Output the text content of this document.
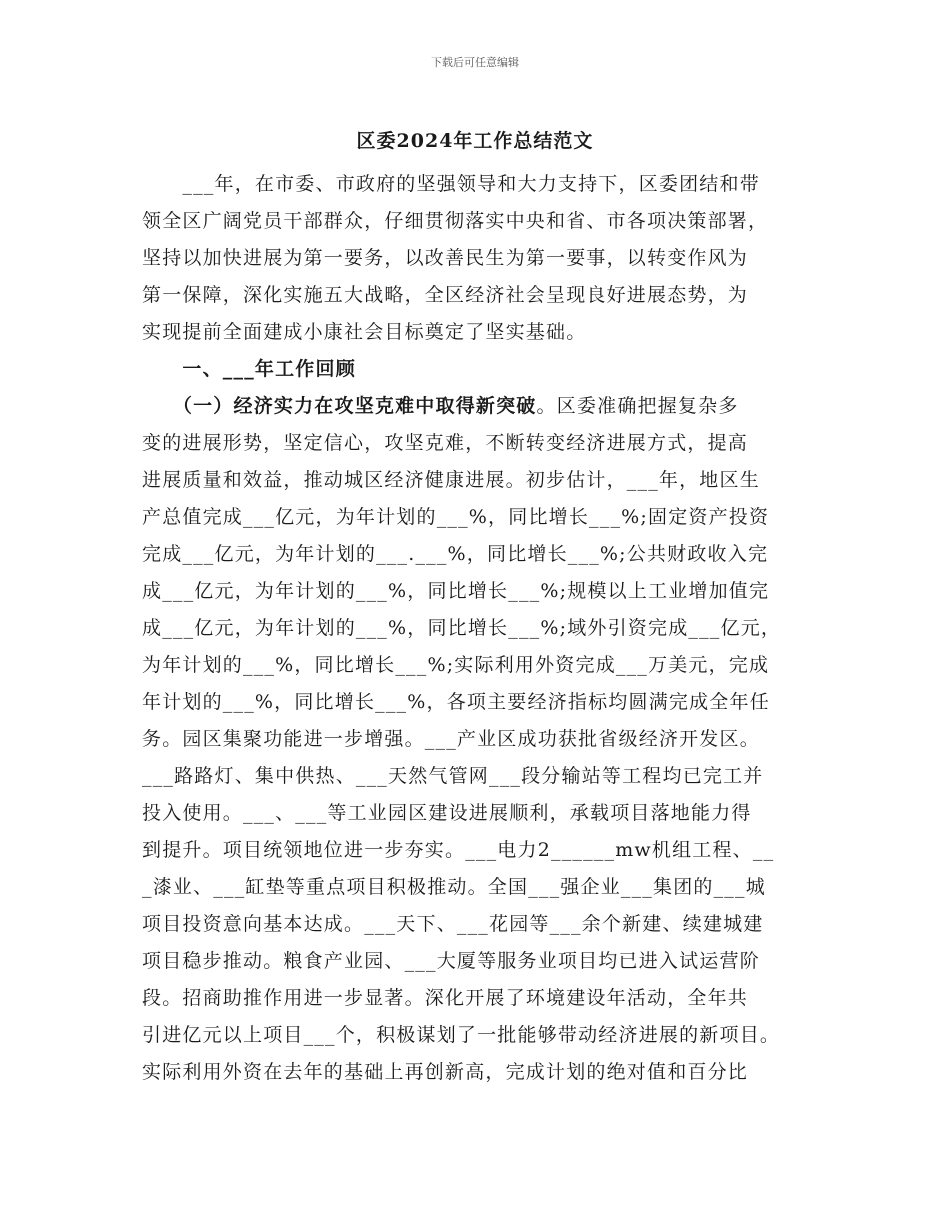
下载后可任意编辑
区委2024年工作总结范文
　　___年，在市委、市政府的坚强领导和大力支持下，区委团结和带
领全区广阔党员干部群众，仔细贯彻落实中央和省、市各项决策部署，
坚持以加快进展为第一要务，以改善民生为第一要事，以转变作风为
第一保障，深化实施五大战略，全区经济社会呈现良好进展态势，为
实现提前全面建成小康社会目标奠定了坚实基础。
　　一、___年工作回顾
　　（一）经济实力在攻坚克难中取得新突破。区委准确把握复杂多
变的进展形势，坚定信心，攻坚克难，不断转变经济进展方式，提高
进展质量和效益，推动城区经济健康进展。初步估计，___年，地区生
产总值完成___亿元，为年计划的___%，同比增长___%;固定资产投资
完成___亿元，为年计划的___.___%，同比增长___%;公共财政收入完
成___亿元，为年计划的___%，同比增长___%;规模以上工业增加值完
成___亿元，为年计划的___%，同比增长___%;域外引资完成___亿元，
为年计划的___%，同比增长___%;实际利用外资完成___万美元，完成
年计划的___%，同比增长___%，各项主要经济指标均圆满完成全年任
务。园区集聚功能进一步增强。___产业区成功获批省级经济开发区。
___路路灯、集中供热、___天然气管网___段分输站等工程均已完工并
投入使用。___、___等工业园区建设进展顺利，承载项目落地能力得
到提升。项目统领地位进一步夯实。___电力2______mw机组工程、__
_漆业、___缸垫等重点项目积极推动。全国___强企业___集团的___城
项目投资意向基本达成。___天下、___花园等___余个新建、续建城建
项目稳步推动。粮食产业园、___大厦等服务业项目均已进入试运营阶
段。招商助推作用进一步显著。深化开展了环境建设年活动，全年共
引进亿元以上项目___个，积极谋划了一批能够带动经济进展的新项目。
实际利用外资在去年的基础上再创新高，完成计划的绝对值和百分比
